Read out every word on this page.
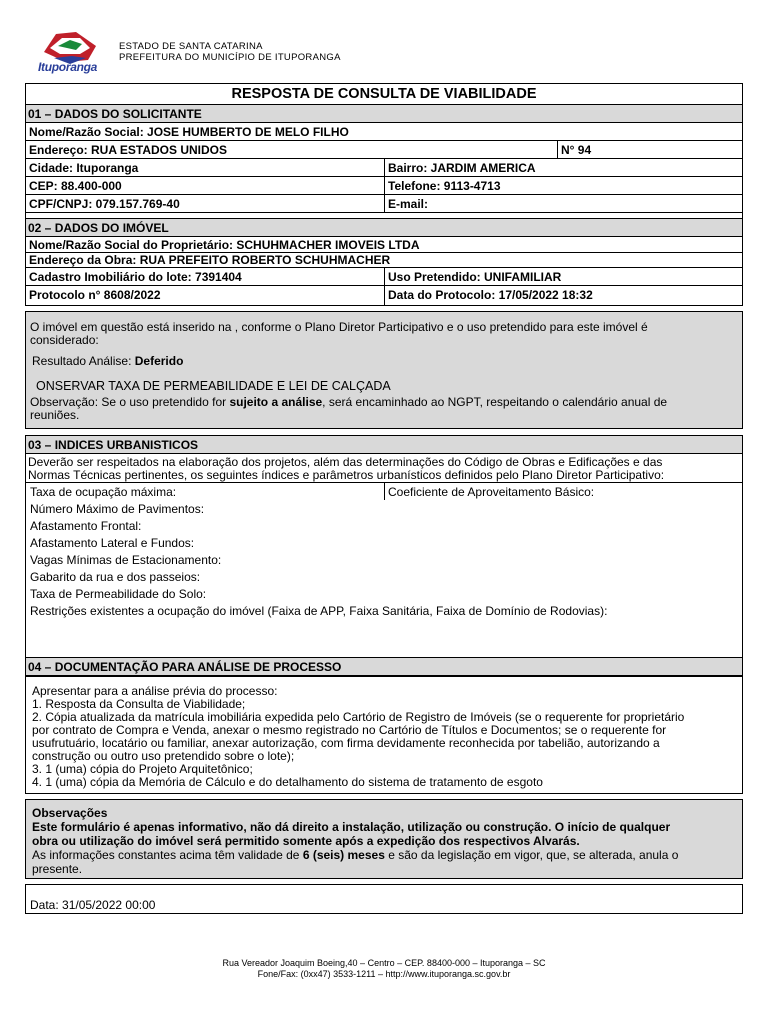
Ituporanga
ESTADO DE SANTA CATARINA
PREFEITURA DO MUNICÍPIO DE ITUPORANGA
RESPOSTA DE CONSULTA DE VIABILIDADE
01 – DADOS DO SOLICITANTE
Nome/Razão Social: JOSE HUMBERTO DE MELO FILHO
Endereço: RUA ESTADOS UNIDOS	N° 94
Cidade: Ituporanga	Bairro: JARDIM AMERICA
CEP: 88.400-000	Telefone: 9113-4713
CPF/CNPJ: 079.157.769-40	E-mail:
02 – DADOS DO IMÓVEL
Nome/Razão Social do Proprietário: SCHUHMACHER IMOVEIS LTDA
Endereço da Obra: RUA PREFEITO ROBERTO SCHUHMACHER
Cadastro Imobiliário do lote: 7391404	Uso Pretendido: UNIFAMILIAR
Protocolo n° 8608/2022	Data do Protocolo: 17/05/2022 18:32
O imóvel em questão está inserido na , conforme o Plano Diretor Participativo e o uso pretendido para este imóvel é
considerado:
Resultado Análise: Deferido
ONSERVAR TAXA DE PERMEABILIDADE E LEI DE CALÇADA
Observação: Se o uso pretendido for sujeito a análise, será encaminhado ao NGPT, respeitando o calendário anual de
reuniões.
03 – INDICES URBANISTICOS
Deverão ser respeitados na elaboração dos projetos, além das determinações do Código de Obras e Edificações e das
Normas Técnicas pertinentes, os seguintes índices e parâmetros urbanísticos definidos pelo Plano Diretor Participativo:
Taxa de ocupação máxima:	Coeficiente de Aproveitamento Básico:
Número Máximo de Pavimentos:
Afastamento Frontal:
Afastamento Lateral e Fundos:
Vagas Mínimas de Estacionamento:
Gabarito da rua e dos passeios:
Taxa de Permeabilidade do Solo:
Restrições existentes a ocupação do imóvel (Faixa de APP, Faixa Sanitária, Faixa de Domínio de Rodovias):
04 – DOCUMENTAÇÃO PARA ANÁLISE DE PROCESSO
Apresentar para a análise prévia do processo:
1. Resposta da Consulta de Viabilidade;
2. Cópia atualizada da matrícula imobiliária expedida pelo Cartório de Registro de Imóveis (se o requerente for proprietário
por contrato de Compra e Venda, anexar o mesmo registrado no Cartório de Títulos e Documentos; se o requerente for
usufrutuário, locatário ou familiar, anexar autorização, com firma devidamente reconhecida por tabelião, autorizando a
construção ou outro uso pretendido sobre o lote);
3. 1 (uma) cópia do Projeto Arquitetônico;
4. 1 (uma) cópia da Memória de Cálculo e do detalhamento do sistema de tratamento de esgoto
Observações
Este formulário é apenas informativo, não dá direito a instalação, utilização ou construção. O início de qualquer
obra ou utilização do imóvel será permitido somente após a expedição dos respectivos Alvarás.
As informações constantes acima têm validade de 6 (seis) meses e são da legislação em vigor, que, se alterada, anula o
presente.
Data: 31/05/2022 00:00
Rua Vereador Joaquim Boeing,40 – Centro – CEP. 88400-000 – Ituporanga – SC
Fone/Fax: (0xx47) 3533-1211 – http://www.ituporanga.sc.gov.br
